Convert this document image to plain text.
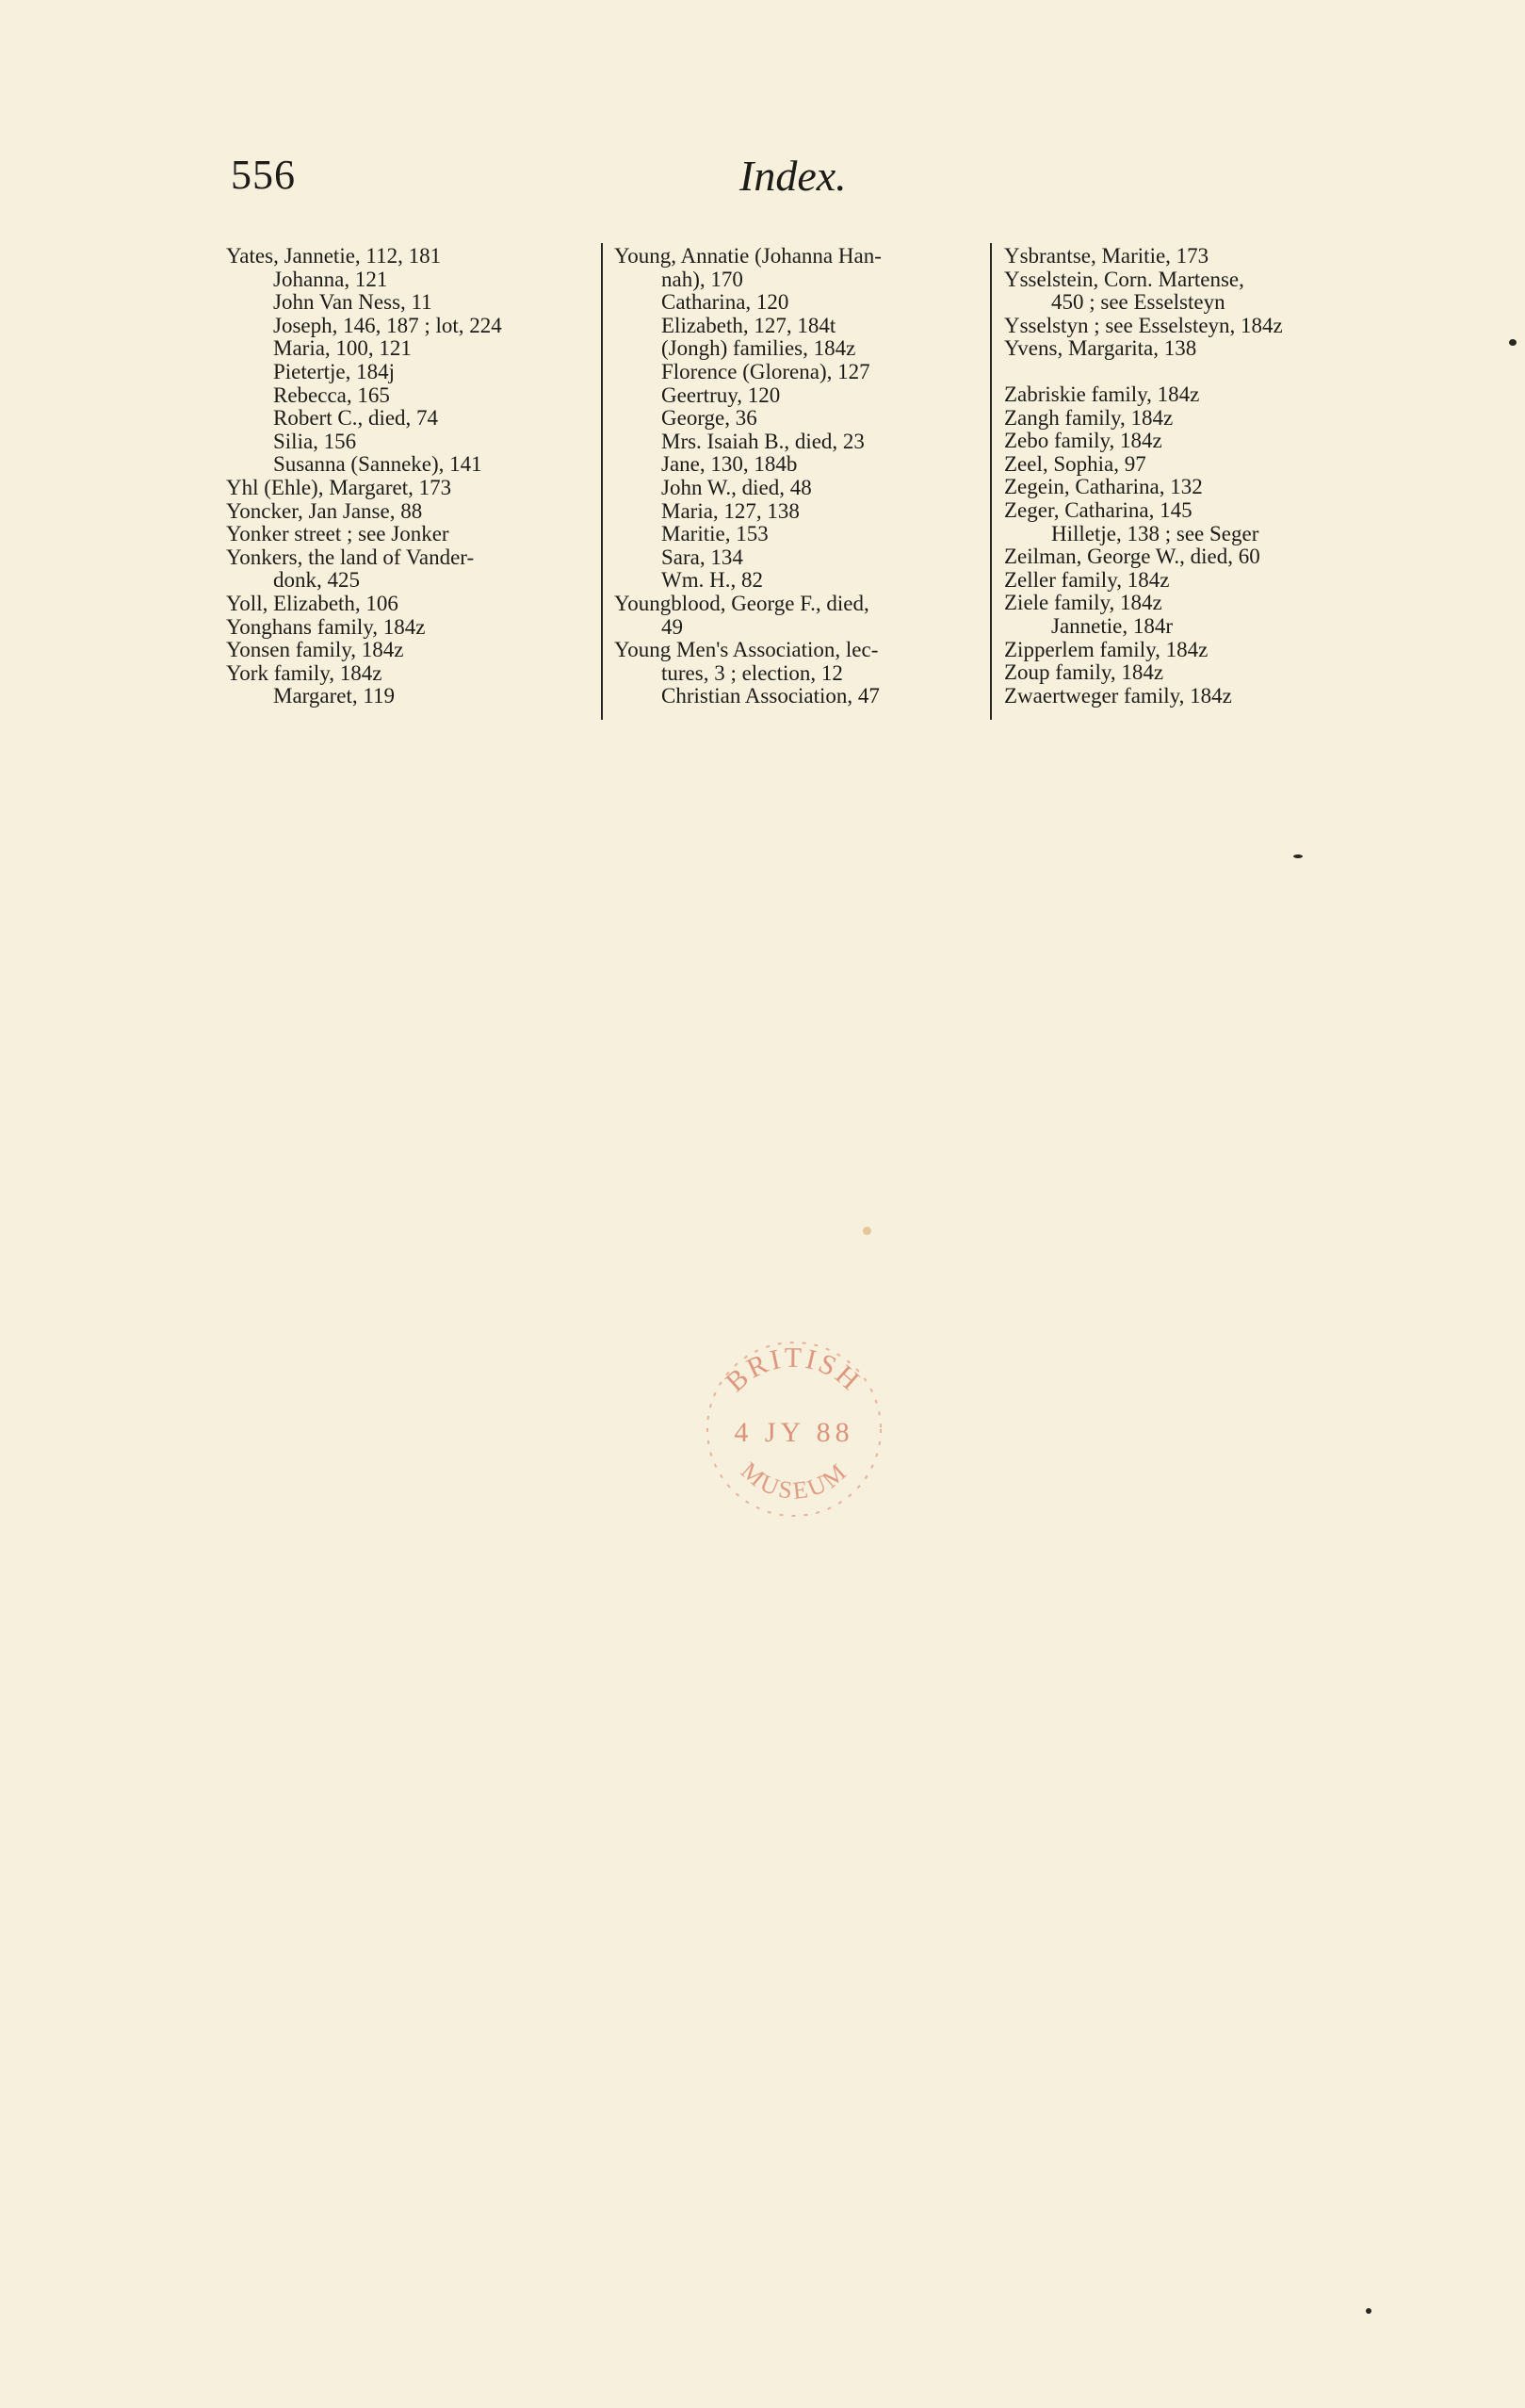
556	Index.
Yates, Jannetie, 112, 181
Johanna, 121
John Van Ness, 11
Joseph, 146, 187 ; lot, 224
Maria, 100, 121
Pietertje, 184j
Rebecca, 165
Robert C., died, 74
Silia, 156
Susanna (Sanneke), 141
Yhl (Ehle), Margaret, 173
Yoncker, Jan Janse, 88
Yonker street ; see Jonker
Yonkers, the land of Vander-
donk, 425
Yoll, Elizabeth, 106
Yonghans family, 184z
Yonsen family, 184z
York family, 184z
Margaret, 119
Young, Annatie (Johanna Han-
nah), 170
Catharina, 120
Elizabeth, 127, 184t
(Jongh) families, 184z
Florence (Glorena), 127
Geertruy, 120
George, 36
Mrs. Isaiah B., died, 23
Jane, 130, 184b
John W., died, 48
Maria, 127, 138
Maritie, 153
Sara, 134
Wm. H., 82
Youngblood, George F., died,
49
Young Men's Association, lec-
tures, 3 ; election, 12
Christian Association, 47
Ysbrantse, Maritie, 173
Ysselstein, Corn. Martense,
450 ; see Esselsteyn
Ysselstyn ; see Esselsteyn, 184z
Yvens, Margarita, 138
Zabriskie family, 184z
Zangh family, 184z
Zebo family, 184z
Zeel, Sophia, 97
Zegein, Catharina, 132
Zeger, Catharina, 145
Hilletje, 138 ; see Seger
Zeilman, George W., died, 60
Zeller family, 184z
Ziele family, 184z
Jannetie, 184r
Zipperlem family, 184z
Zoup family, 184z
Zwaertweger family, 184z
BRITISH
4 JY 88
MUSEUM
